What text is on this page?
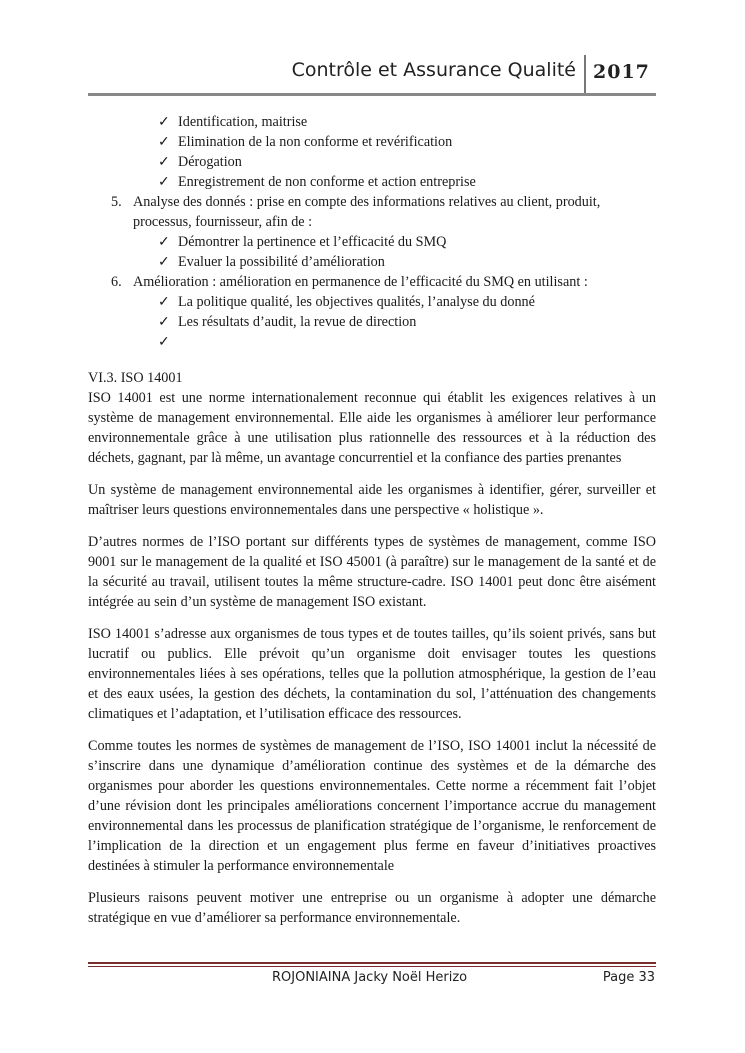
Contrôle et Assurance Qualité 2017
✓ Identification, maitrise
✓ Elimination de la non conforme et revérification
✓ Dérogation
✓ Enregistrement de non conforme et action entreprise
5. Analyse des donnés : prise en compte des informations relatives au client, produit, processus, fournisseur, afin de :
✓ Démontrer la pertinence et l’efficacité du SMQ
✓ Evaluer la possibilité d’amélioration
6. Amélioration : amélioration en permanence de l’efficacité du SMQ en utilisant :
✓ La politique qualité, les objectives qualités, l’analyse du donné
✓ Les résultats d’audit, la revue de direction
✓
VI.3. ISO 14001

ISO 14001 est une norme internationalement reconnue qui établit les exigences relatives à un système de management environnemental. Elle aide les organismes à améliorer leur performance environnementale grâce à une utilisation plus rationnelle des ressources et à la réduction des déchets, gagnant, par là même, un avantage concurrentiel et la confiance des parties prenantes

Un système de management environnemental aide les organismes à identifier, gérer, surveiller et maîtriser leurs questions environnementales dans une perspective « holistique ».

D’autres normes de l’ISO portant sur différents types de systèmes de management, comme ISO 9001 sur le management de la qualité et ISO 45001 (à paraître) sur le management de la santé et de la sécurité au travail, utilisent toutes la même structure-cadre. ISO 14001 peut donc être aisément intégrée au sein d’un système de management ISO existant.

ISO 14001 s’adresse aux organismes de tous types et de toutes tailles, qu’ils soient privés, sans but lucratif ou publics. Elle prévoit qu’un organisme doit envisager toutes les questions environnementales liées à ses opérations, telles que la pollution atmosphérique, la gestion de l’eau et des eaux usées, la gestion des déchets, la contamination du sol, l’atténuation des changements climatiques et l’adaptation, et l’utilisation efficace des ressources.

Comme toutes les normes de systèmes de management de l’ISO, ISO 14001 inclut la nécessité de s’inscrire dans une dynamique d’amélioration continue des systèmes et de la démarche des organismes pour aborder les questions environnementales. Cette norme a récemment fait l’objet d’une révision dont les principales améliorations concernent l’importance accrue du management environnemental dans les processus de planification stratégique de l’organisme, le renforcement de l’implication de la direction et un engagement plus ferme en faveur d’initiatives proactives destinées à stimuler la performance environnementale

Plusieurs raisons peuvent motiver une entreprise ou un organisme à adopter une démarche stratégique en vue d’améliorer sa performance environnementale.

ROJONIAINA Jacky Noël Herizo	Page 33
